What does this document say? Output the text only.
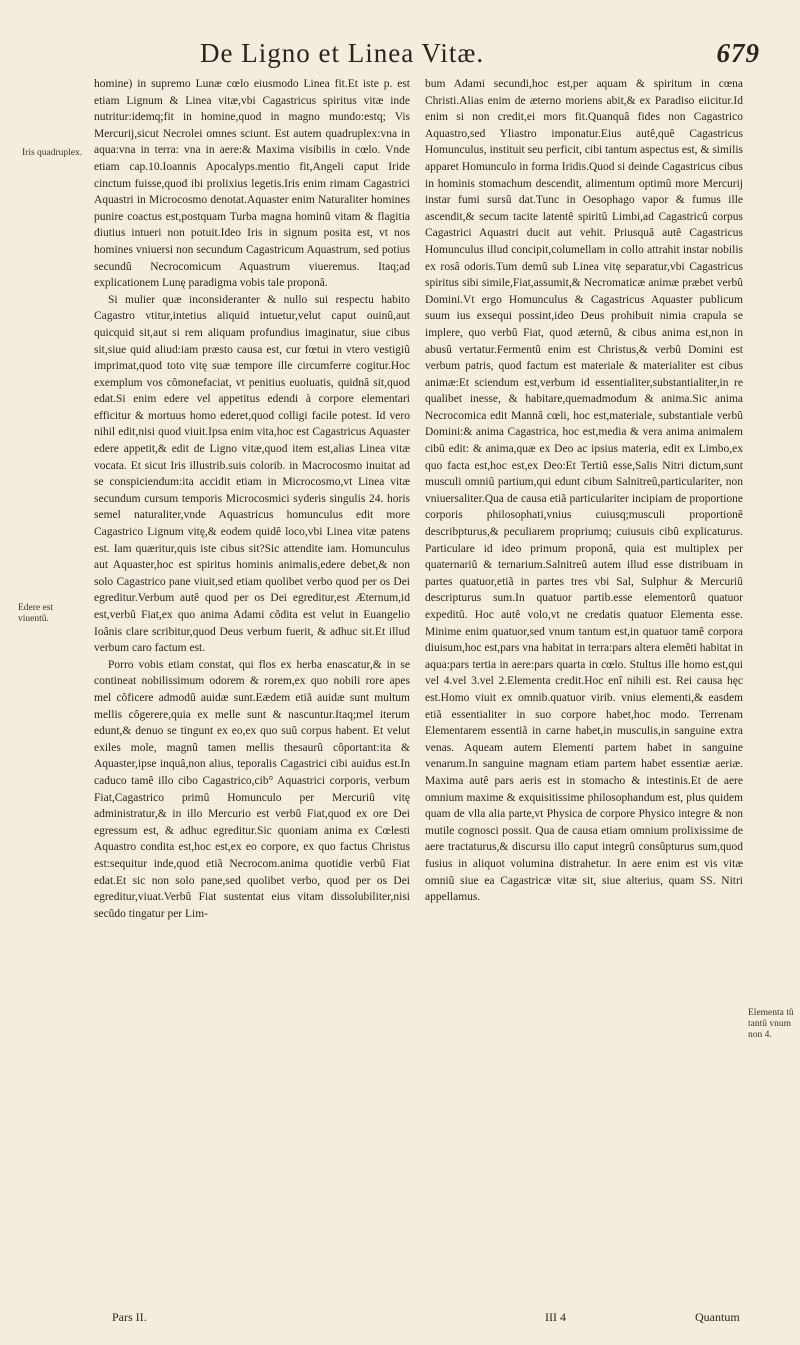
De Ligno et Linea Vitæ.	679
Iris quadruplex.
Edere est viuentû.
Elementa tû tantû vnum non 4.

homine) in supremo Lunæ cœlo eiusmodo Linea fit.Et iste p. est etiam Lignum & Linea vitæ,vbi Cagastricus spiritus vitæ inde nutritur:idemq;fit in homine,quod in magno mundo:estq; Vis Mercurij,sicut Necrolei omnes sciunt. Est autem quadruplex:vna in aqua:vna in terra: vna in aere:& Maxima visibilis in cœlo. Vnde etiam cap.10.Ioannis Apocalyps.mentio fit,Angeli caput Iride cinctum fuisse,quod ibi prolixius legetis.Iris enim rimam Cagastrici Aquastri in Microcosmo denotat.Aquaster enim Naturaliter homines punire coactus est,postquam Turba magna hominû vitam & flagitia diutius intueri non potuit.Ideo Iris in signum posita est, vt nos homines vniuersi non secundum Cagastricum Aquastrum, sed potius secundû Necrocomicum Aquastrum viueremus. Itaq;ad explicationem Lunę paradigma vobis tale proponâ.

Si mulier quæ inconsideranter & nullo sui respectu habito Cagastro vtitur,intetius aliquid intuetur,velut caput ouinû,aut quicquid sit,aut si rem aliquam profundius imaginatur, siue cibus sit,siue quid aliud:iam præsto causa est, cur fœtui in vtero vestigiû imprimat,quod toto vitę suæ tempore ille circumferre cogitur.Hoc exemplum vos cômonefaciat, vt penitius euoluatis, quidnâ sit,quod edat.Si enim edere vel appetitus edendi à corpore elementari efficitur & mortuus homo ederet,quod colligi facile potest. Id vero nihil edit,nisi quod viuit.Ipsa enim vita,hoc est Cagastricus Aquaster edere appetit,& edit de Ligno vitæ,quod item est,alias Linea vitæ vocata. Et sicut Iris illustrib.suis colorib. in Macrocosmo inuitat ad se conspiciendum:ita accidit etiam in Microcosmo,vt Linea vitæ secundum cursum temporis Microcosmici syderis singulis 24. horis semel naturaliter,vnde Aquastricus homunculus edit more Cagastrico Lignum vitę,& eodem quidê loco,vbi Linea vitæ patens est. Iam quæritur,quis iste cibus sit?Sic attendite iam. Homunculus aut Aquaster,hoc est spiritus hominis animalis,edere debet,& non solo Cagastrico pane viuit,sed etiam quolibet verbo quod per os Dei egreditur.Verbum autê quod per os Dei egreditur,est Æternum,id est,verbû Fiat,ex quo anima Adami côdita est velut in Euangelio Ioânis clare scribitur,quod Deus verbum fuerit, & adhuc sit.Et illud verbum caro factum est.

Porro vobis etiam constat, qui flos ex herba enascatur,& in se contineat nobilissimum odorem & rorem,ex quo nobili rore apes mel côficere admodû auidæ sunt.Eædem etiã auidæ sunt multum mellis côgerere,quia ex melle sunt & nascuntur.Itaq;mel iterum edunt,& denuo se tingunt ex eo,ex quo suû corpus habent. Et velut exiles mole, magnû tamen mellis thesaurû côportant:ita & Aquaster,ipse inquâ,non alius, teporalis Cagastrici cibi auidus est.In caduco tamê illo cibo Cagastrico,cib° Aquastrici corporis, verbum Fiat,Cagastrico primû Homunculo per Mercuriû vitę administratur,& in illo Mercurio est verbû Fiat,quod ex ore Dei egressum est, & adhuc egreditur.Sic quoniam anima ex Cœlesti Aquastro condita est,hoc est,ex eo corpore, ex quo factus Christus est:sequitur inde,quod etiã Necrocom.anima quotidie verbû Fiat edat.Et sic non solo pane,sed quolibet verbo, quod per os Dei egreditur,viuat.Verbû Fiat sustentat eius vitam dissolubiliter,nisi secûdo tingatur per Lim-

bum Adami secundi,hoc est,per aquam & spiritum in cœna Christi.Alias enim de æterno moriens abit,& ex Paradiso eiicitur.Id enim si non credit,ei mors fit.Quanquâ fides non Cagastrico Aquastro,sed Yliastro imponatur.Eius autê,quê Cagastricus Homunculus, instituit seu perficit, cibi tantum aspectus est, & similis apparet Homunculo in forma Iridis.Quod si deinde Cagastricus cibus in hominis stomachum descendit, alimentum optimû more Mercurij instar fumi sursû dat.Tunc in Oesophago vapor & fumus ille ascendit,& secum tacite latentê spiritû Limbi,ad Cagastricû corpus Cagastrici Aquastri ducit aut vehit. Priusquâ autê Cagastricus Homunculus illud concipit,columellam in collo attrahit instar nobilis ex rosâ odoris.Tum demû sub Linea vitę separatur,vbi Cagastricus spiritus sibi simile,Fiat,assumit,& Necromaticæ animæ præbet verbû Domini.Vt ergo Homunculus & Cagastricus Aquaster publicum suum ius exsequi possint,ideo Deus prohibuit nimia crapula se implere, quo verbû Fiat, quod æternû, & cibus anima est,non in abusû vertatur.Fermentû enim est Christus,& verbû Domini est verbum patris, quod factum est materiale & materialiter est cibus animæ:Et sciendum est,verbum id essentialiter,substantialiter,in re qualibet inesse, & habitare,quemadmodum & anima.Sic anima Necrocomica edit Mannâ cœli, hoc est,materiale, substantiale verbû Domini:& anima Cagastrica, hoc est,media & vera anima animalem cibû edit: & anima,quæ ex Deo ac ipsius materia, edit ex Limbo,ex quo facta est,hoc est,ex Deo:Et Tertiû esse,Salis Nitri dictum,sunt musculi omniû partium,qui edunt cibum Salnitreû,particulariter, non vniuersaliter.Qua de causa etiã particulariter incipiam de proportione corporis philosophati,vnius cuiusq;musculi proportionê describpturus,& peculiarem propriumq; cuiusuis cibû explicaturus. Particulare id ideo primum proponâ, quia est multiplex per quaternariû & ternarium.Salnitreû autem illud esse distribuam in partes quatuor,etiã in partes tres vbi Sal, Sulphur & Mercuriû descripturus sum.In quatuor partib.esse elementorû quatuor expeditû. Hoc autê volo,vt ne credatis quatuor Elementa esse. Minime enim quatuor,sed vnum tantum est,in quatuor tamê corpora diuisum,hoc est,pars vna habitat in terra:pars altera elemêti habitat in aqua:pars tertia in aere:pars quarta in cœlo. Stultus ille homo est,qui vel 4.vel 3.vel 2.Elementa credit.Hoc enî nihili est. Rei causa hęc est.Homo viuit ex omnib.quatuor virib. vnius elementi,& easdem etiã essentialiter in suo corpore habet,hoc modo. Terrenam Elementarem essentiã in carne habet,in musculis,in sanguine extra venas. Aqueam autem Elementi partem habet in sanguine venarum.In sanguine magnam etiam partem habet essentiæ aeriæ. Maxima autê pars aeris est in stomacho & intestinis.Et de aere omnium maxime & exquisitissime philosophandum est, plus quidem quam de vlla alia parte,vt Physica de corpore Physico integre & non mutile cognosci possit. Qua de causa etiam omnium prolixissime de aere tractaturus,& discursu illo caput integrû consûpturus sum,quod fusius in aliquot volumina distrahetur. In aere enim est vis vitæ omniû siue ea Cagastricæ vitæ sit, siue alterius, quam SS. Nitri appellamus.

Pars II.	III 4	Quantum
